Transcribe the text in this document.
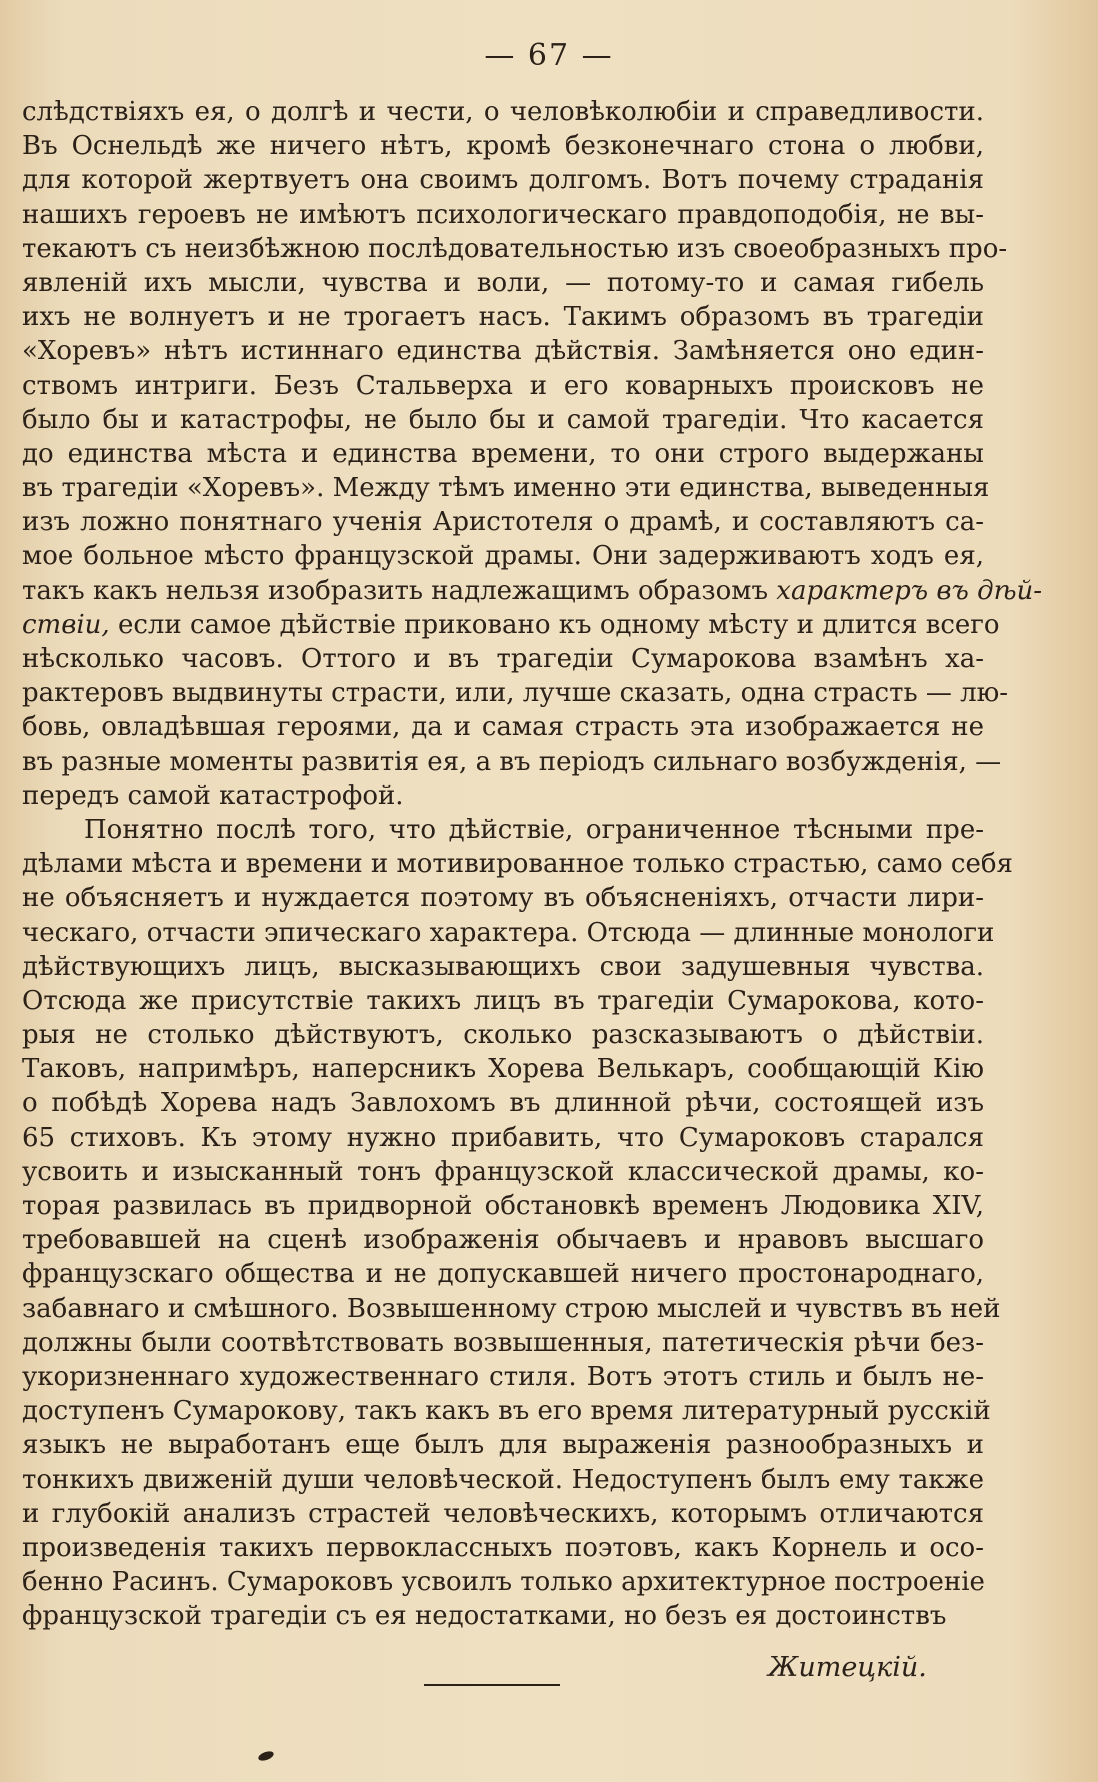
— 67 —
слѣдствіяхъ ея, о долгѣ и чести, о человѣколюбіи и справедливости.
Въ Оснельдѣ же ничего нѣтъ, кромѣ безконечнаго стона о любви,
для которой жертвуетъ она своимъ долгомъ. Вотъ почему страданія
нашихъ героевъ не имѣютъ психологическаго правдоподобія, не вы-
текаютъ съ неизбѣжною послѣдовательностью изъ своеобразныхъ про-
явленій ихъ мысли, чувства и воли, — потому-то и самая гибель
ихъ не волнуетъ и не трогаетъ насъ. Такимъ образомъ въ трагедіи
«Хоревъ» нѣтъ истиннаго единства дѣйствія. Замѣняется оно един-
ствомъ интриги. Безъ Стальверха и его коварныхъ происковъ не
было бы и катастрофы, не было бы и самой трагедіи. Что касается
до единства мѣста и единства времени, то они строго выдержаны
въ трагедіи «Хоревъ». Между тѣмъ именно эти единства, выведенныя
изъ ложно понятнаго ученія Аристотеля о драмѣ, и составляютъ са-
мое больное мѣсто французской драмы. Они задерживаютъ ходъ ея,
такъ какъ нельзя изобразить надлежащимъ образомъ характеръ въ дѣй-
ствіи, если самое дѣйствіе приковано къ одному мѣсту и длится всего
нѣсколько часовъ. Оттого и въ трагедіи Сумарокова взамѣнъ ха-
рактеровъ выдвинуты страсти, или, лучше сказать, одна страсть — лю-
бовь, овладѣвшая героями, да и самая страсть эта изображается не
въ разные моменты развитія ея, а въ періодъ сильнаго возбужденія, —
передъ самой катастрофой.
Понятно послѣ того, что дѣйствіе, ограниченное тѣсными пре-
дѣлами мѣста и времени и мотивированное только страстью, само себя
не объясняетъ и нуждается поэтому въ объясненіяхъ, отчасти лири-
ческаго, отчасти эпическаго характера. Отсюда — длинные монологи
дѣйствующихъ лицъ, высказывающихъ свои задушевныя чувства.
Отсюда же присутствіе такихъ лицъ въ трагедіи Сумарокова, кото-
рыя не столько дѣйствуютъ, сколько разсказываютъ о дѣйствіи.
Таковъ, напримѣръ, наперсникъ Хорева Велькаръ, сообщающій Кію
о побѣдѣ Хорева надъ Завлохомъ въ длинной рѣчи, состоящей изъ
65 стиховъ. Къ этому нужно прибавить, что Сумароковъ старался
усвоить и изысканный тонъ французской классической драмы, ко-
торая развилась въ придворной обстановкѣ временъ Людовика XIV,
требовавшей на сценѣ изображенія обычаевъ и нравовъ высшаго
французскаго общества и не допускавшей ничего простонароднаго,
забавнаго и смѣшного. Возвышенному строю мыслей и чувствъ въ ней
должны были соотвѣтствовать возвышенныя, патетическія рѣчи без-
укоризненнаго художественнаго стиля. Вотъ этотъ стиль и былъ не-
доступенъ Сумарокову, такъ какъ въ его время литературный русскій
языкъ не выработанъ еще былъ для выраженія разнообразныхъ и
тонкихъ движеній души человѣческой. Недоступенъ былъ ему также
и глубокій анализъ страстей человѣческихъ, которымъ отличаются
произведенія такихъ первоклассныхъ поэтовъ, какъ Корнель и осо-
бенно Расинъ. Сумароковъ усвоилъ только архитектурное построеніе
французской трагедіи съ ея недостатками, но безъ ея достоинствъ
Житецкій.
